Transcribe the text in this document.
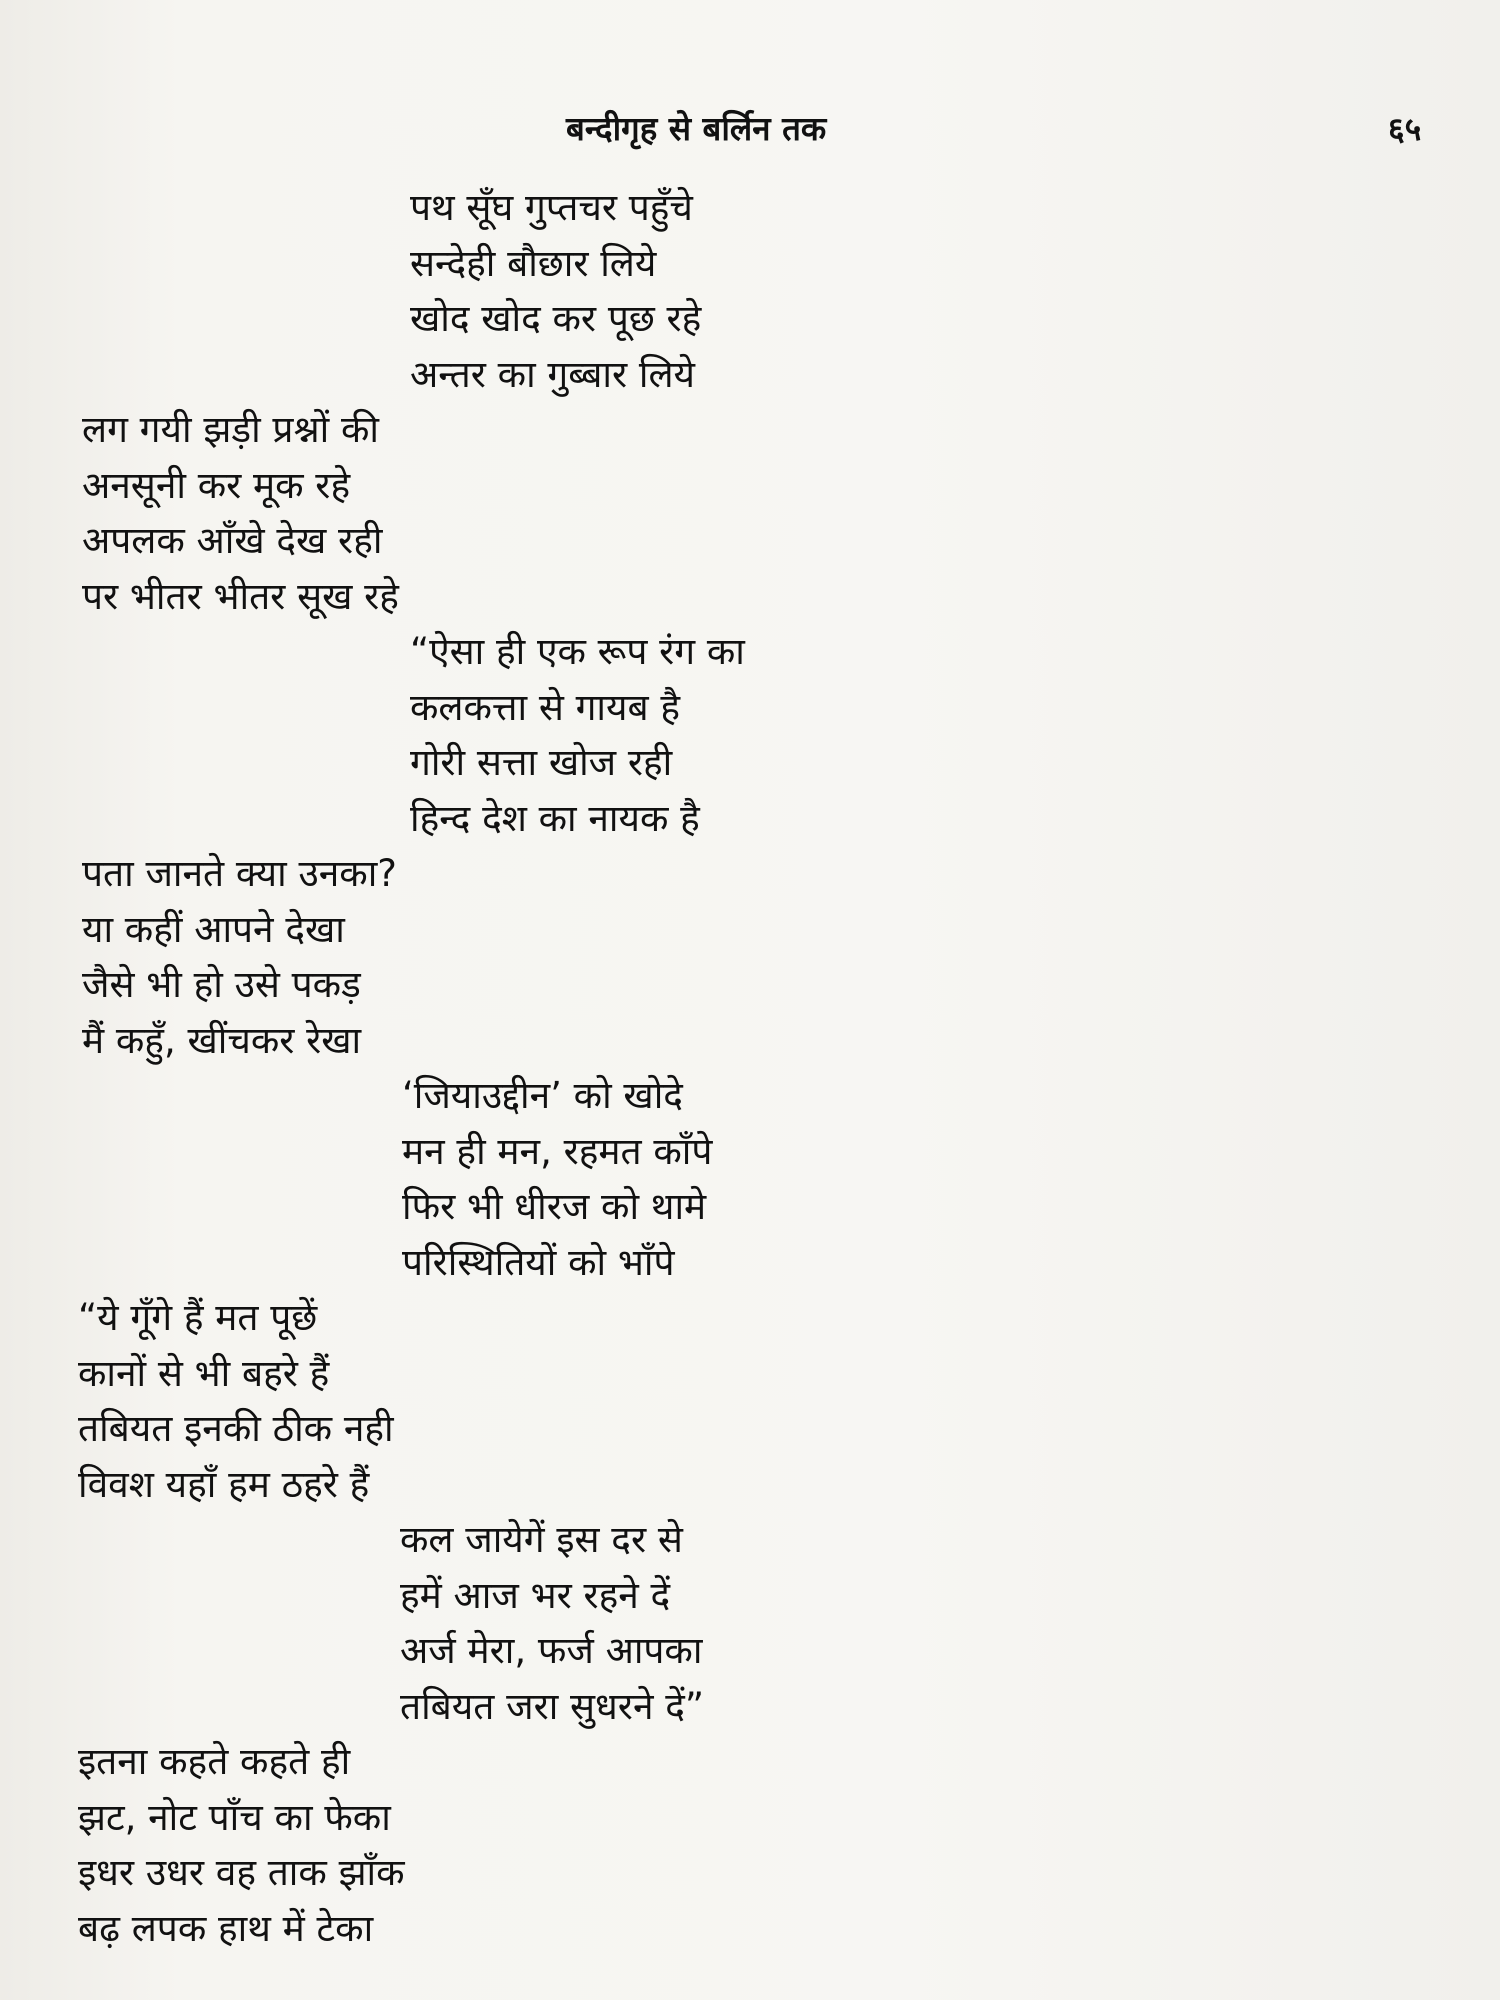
बन्दीगृह से बर्लिन तक	६५
पथ सूँघ गुप्तचर पहुँचे
सन्देही बौछार लिये
खोद खोद कर पूछ रहे
अन्तर का गुब्बार लिये
लग गयी झड़ी प्रश्नों की
अनसूनी कर मूक रहे
अपलक आँखे देख रही
पर भीतर भीतर सूख रहे
“ऐसा ही एक रूप रंग का
कलकत्ता से गायब है
गोरी सत्ता खोज रही
हिन्द देश का नायक है
पता जानते क्या उनका?
या कहीं आपने देखा
जैसे भी हो उसे पकड़
मैं कहुँ, खींचकर रेखा
‘जियाउद्दीन’ को खोदे
मन ही मन, रहमत काँपे
फिर भी धीरज को थामे
परिस्थितियों को भाँपे
“ये गूँगे हैं मत पूछें
कानों से भी बहरे हैं
तबियत इनकी ठीक नही
विवश यहाँ हम ठहरे हैं
कल जायेगें इस दर से
हमें आज भर रहने दें
अर्ज मेरा, फर्ज आपका
तबियत जरा सुधरने दें”
इतना कहते कहते ही
झट, नोट पाँच का फेका
इधर उधर वह ताक झाँक
बढ़ लपक हाथ में टेका
